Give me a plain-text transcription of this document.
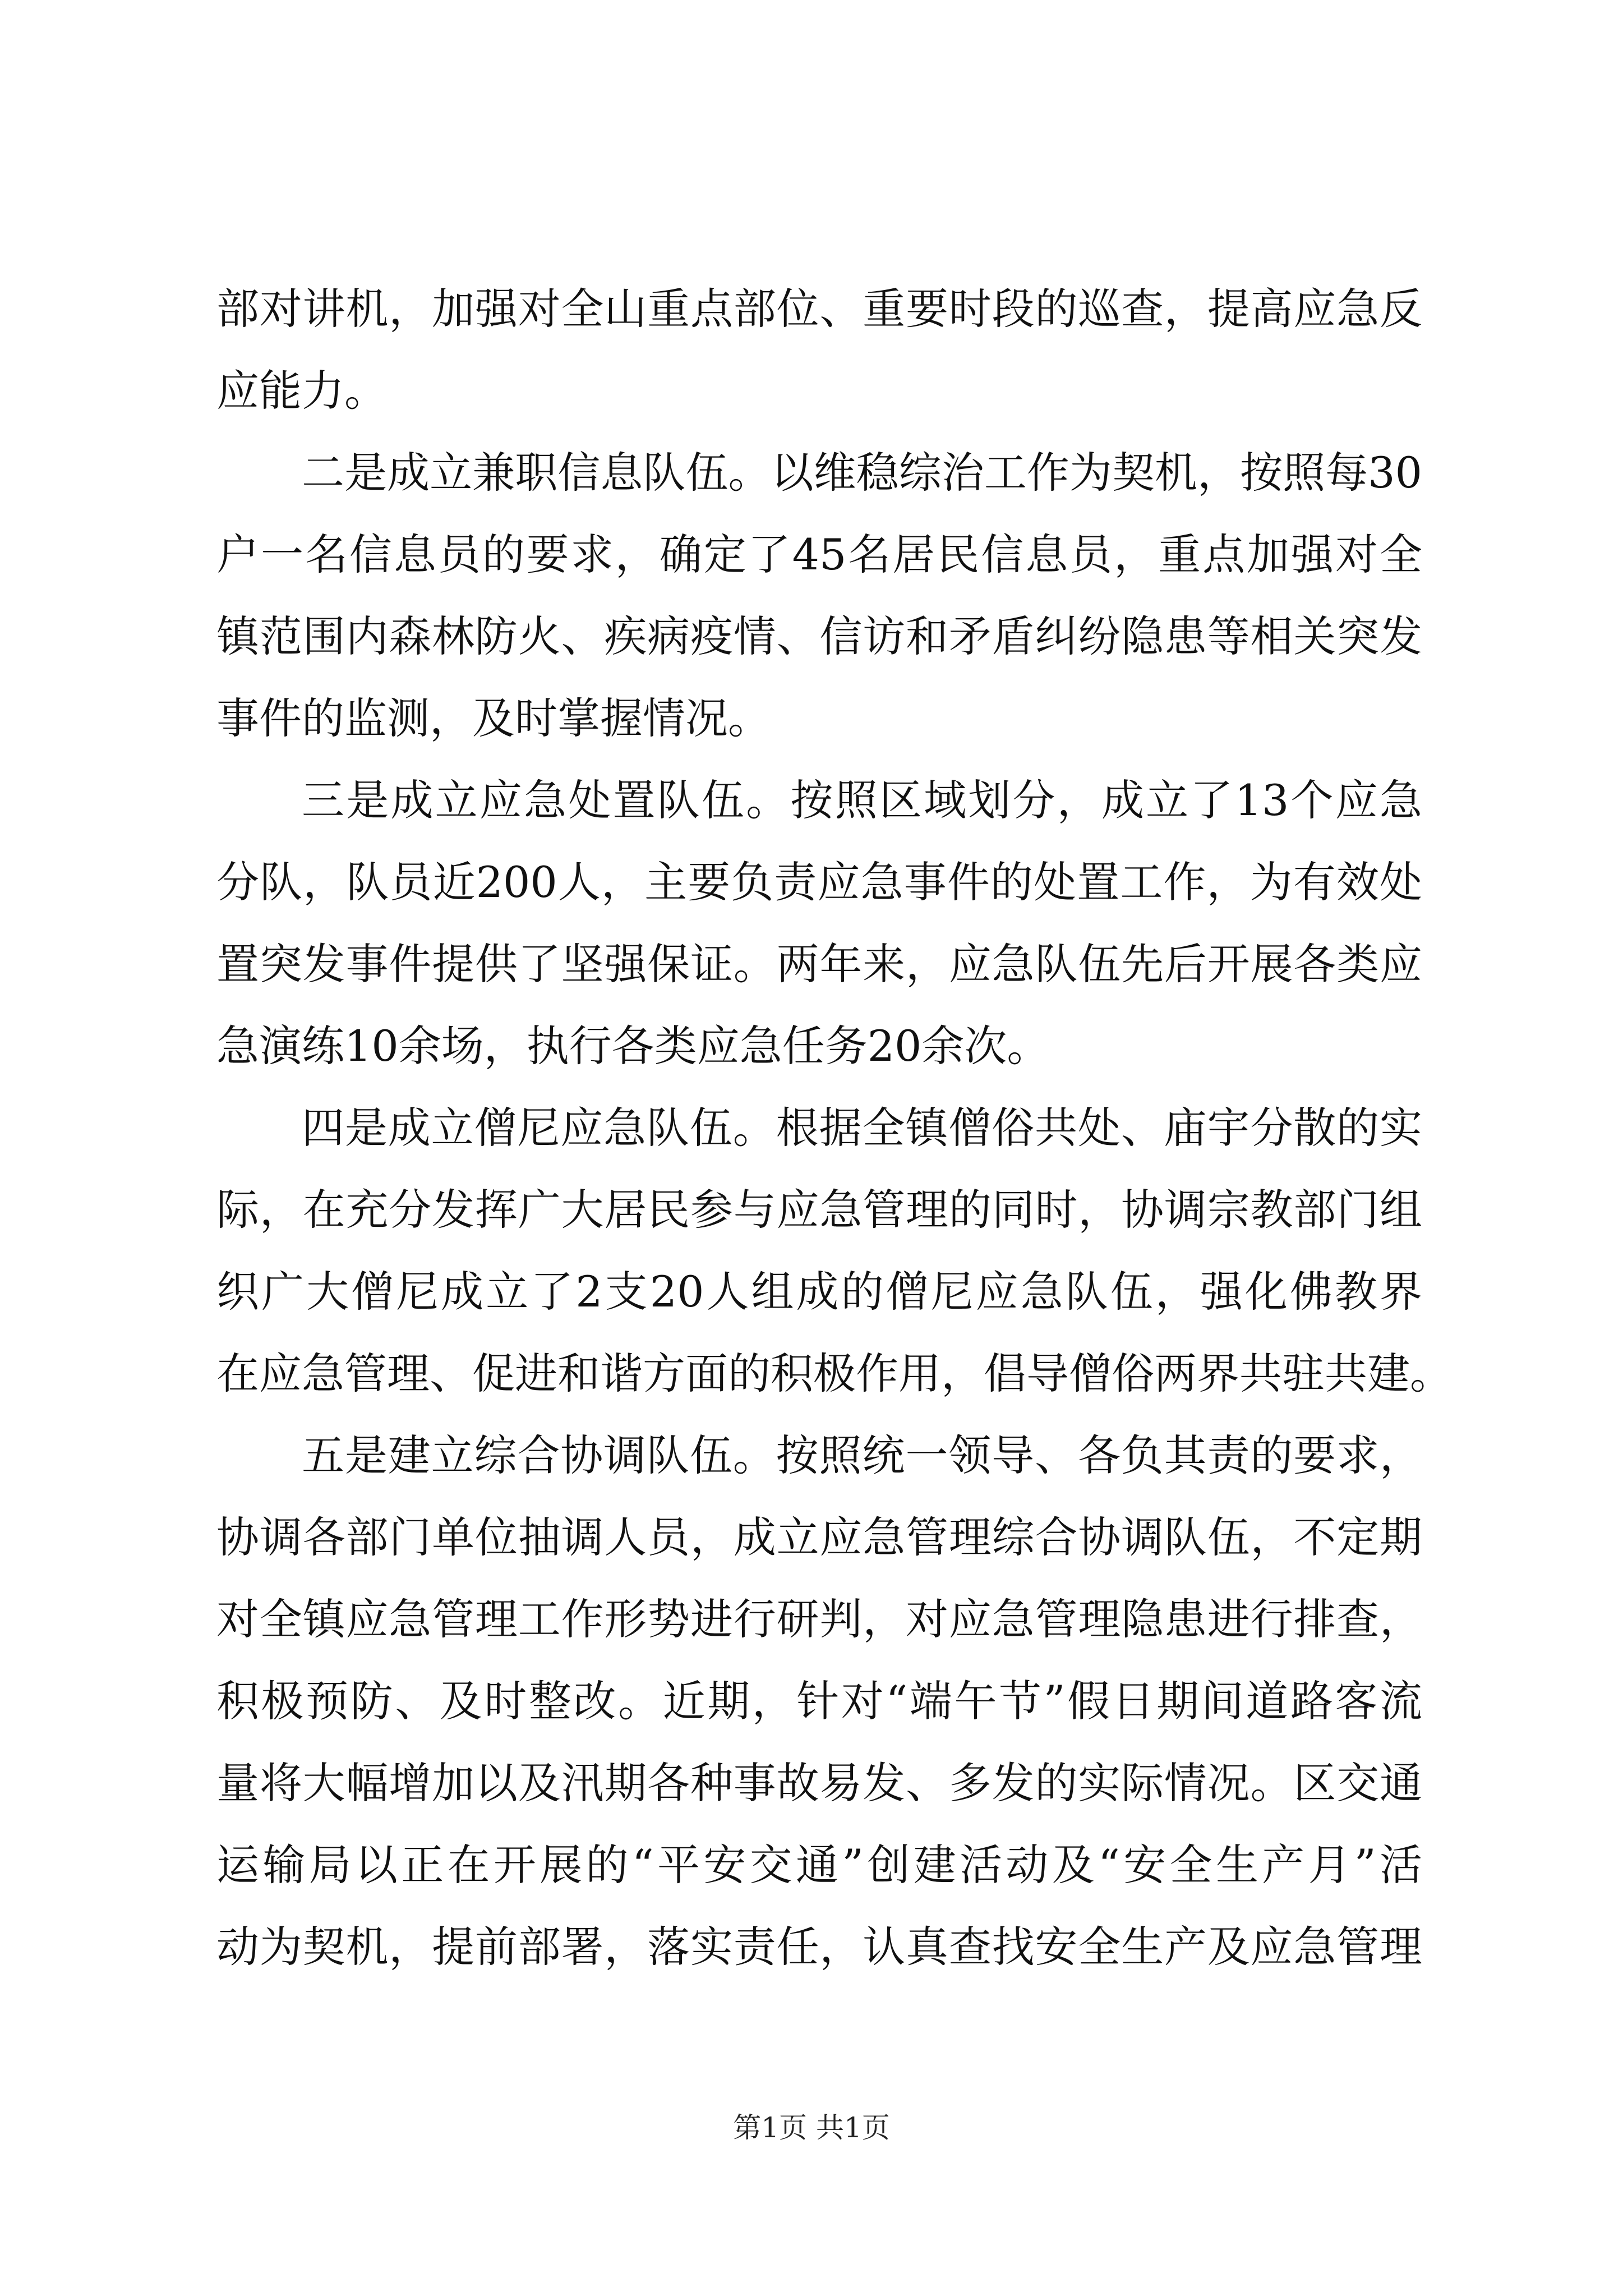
部对讲机，加强对全山重点部位、重要时段的巡查，提高应急反
应能力。
二是成立兼职信息队伍。以维稳综治工作为契机，按照每30
户一名信息员的要求，确定了45名居民信息员，重点加强对全
镇范围内森林防火、疾病疫情、信访和矛盾纠纷隐患等相关突发
事件的监测，及时掌握情况。
三是成立应急处置队伍。按照区域划分，成立了13个应急
分队，队员近200人，主要负责应急事件的处置工作，为有效处
置突发事件提供了坚强保证。两年来，应急队伍先后开展各类应
急演练10余场，执行各类应急任务20余次。
四是成立僧尼应急队伍。根据全镇僧俗共处、庙宇分散的实
际，在充分发挥广大居民参与应急管理的同时，协调宗教部门组
织广大僧尼成立了2支20人组成的僧尼应急队伍，强化佛教界
在应急管理、促进和谐方面的积极作用，倡导僧俗两界共驻共建。
五是建立综合协调队伍。按照统一领导、各负其责的要求，
协调各部门单位抽调人员，成立应急管理综合协调队伍，不定期
对全镇应急管理工作形势进行研判，对应急管理隐患进行排查，
积极预防、及时整改。近期，针对“端午节”假日期间道路客流
量将大幅增加以及汛期各种事故易发、多发的实际情况。区交通
运输局以正在开展的“平安交通”创建活动及“安全生产月”活
动为契机，提前部署，落实责任，认真查找安全生产及应急管理
第1页 共1页
